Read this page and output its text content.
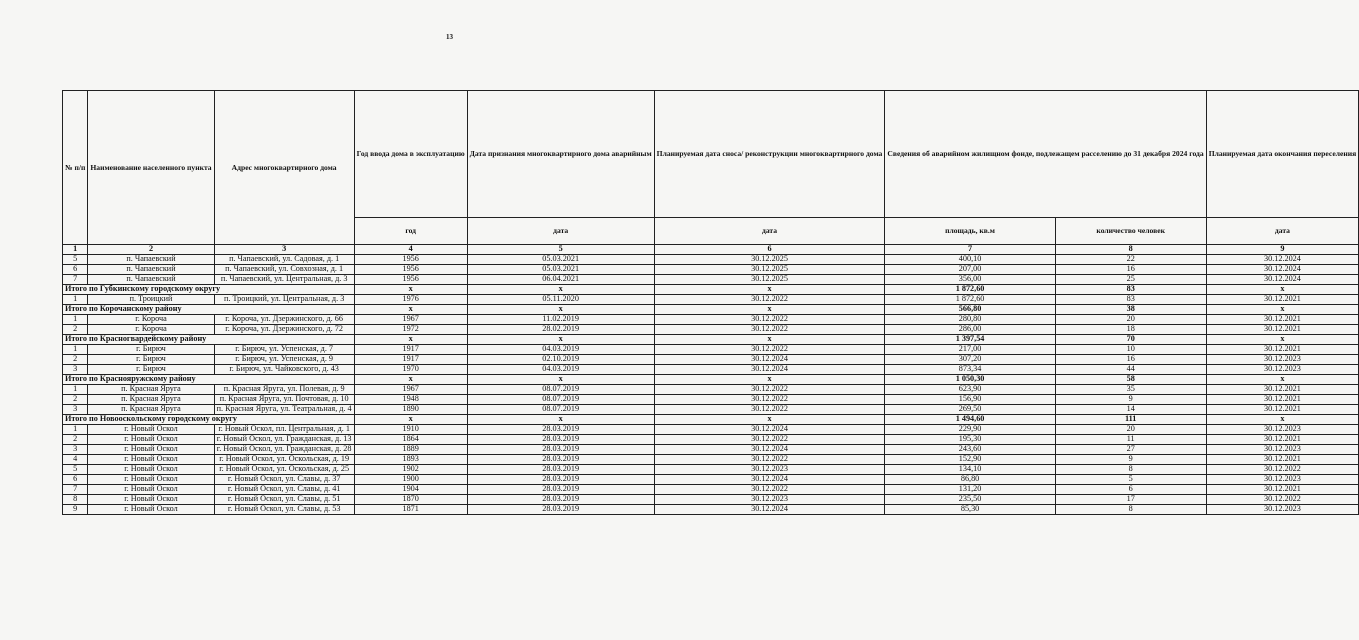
13
№ п/п	Наименование населенного пункта	Адрес многоквартирного дома	Год ввода дома в эксплуатацию	Дата признания многоквартирного дома аварийным	Планируемая дата сноса/ реконструкции многоквартирного дома	Сведения об аварийном жилищном фонде, подлежащем расселению до 31 декабря 2024 года		Планируемая дата окончания переселения
			год	дата	дата	площадь, кв.м	количество человек	дата
1	2	3	4	5	6	7	8	9
5	п. Чапаевский	п. Чапаевский, ул. Садовая, д. 1	1956	05.03.2021	30.12.2025	400,10	22	30.12.2024
6	п. Чапаевский	п. Чапаевский, ул. Совхозная, д. 1	1956	05.03.2021	30.12.2025	207,00	16	30.12.2024
7	п. Чапаевский	п. Чапаевский, ул. Центральная, д. 3	1956	06.04.2021	30.12.2025	356,00	25	30.12.2024
Итого по Губкинскому городскому округу			х	х	х	1 872,60	83	х
1	п. Троицкий	п. Троицкий, ул. Центральная, д. 3	1976	05.11.2020	30.12.2022	1 872,60	83	30.12.2021
Итого по Корочанскому району			х	х	х	566,80	38	х
1	г. Короча	г. Короча, ул. Дзержинского, д. 66	1967	11.02.2019	30.12.2022	280,80	20	30.12.2021
2	г. Короча	г. Короча, ул. Дзержинского, д. 72	1972	28.02.2019	30.12.2022	286,00	18	30.12.2021
Итого по Красногвардейскому району			х	х	х	1 397,54	70	х
1	г. Бирюч	г. Бирюч, ул. Успенская, д. 7	1917	04.03.2019	30.12.2022	217,00	10	30.12.2021
2	г. Бирюч	г. Бирюч, ул. Успенская, д. 9	1917	02.10.2019	30.12.2024	307,20	16	30.12.2023
3	г. Бирюч	г. Бирюч, ул. Чайковского, д. 43	1970	04.03.2019	30.12.2024	873,34	44	30.12.2023
Итого по Краснояружскому району			х	х	х	1 050,30	58	х
1	п. Красная Яруга	п. Красная Яруга, ул. Полевая, д. 9	1967	08.07.2019	30.12.2022	623,90	35	30.12.2021
2	п. Красная Яруга	п. Красная Яруга, ул. Почтовая, д. 10	1948	08.07.2019	30.12.2022	156,90	9	30.12.2021
3	п. Красная Яруга	п. Красная Яруга, ул. Театральная, д. 4	1890	08.07.2019	30.12.2022	269,50	14	30.12.2021
Итого по Новооскольскому городскому округу			х	х	х	1 494,60	111	х
1	г. Новый Оскол	г. Новый Оскол, пл. Центральная, д. 1	1910	28.03.2019	30.12.2024	229,90	20	30.12.2023
2	г. Новый Оскол	г. Новый Оскол, ул. Гражданская, д. 13	1864	28.03.2019	30.12.2022	195,30	11	30.12.2021
3	г. Новый Оскол	г. Новый Оскол, ул. Гражданская, д. 28	1889	28.03.2019	30.12.2024	243,60	27	30.12.2023
4	г. Новый Оскол	г. Новый Оскол, ул. Оскольская, д. 19	1893	28.03.2019	30.12.2022	152,90	9	30.12.2021
5	г. Новый Оскол	г. Новый Оскол, ул. Оскольская, д. 25	1902	28.03.2019	30.12.2023	134,10	8	30.12.2022
6	г. Новый Оскол	г. Новый Оскол, ул. Славы, д. 37	1900	28.03.2019	30.12.2024	86,80	5	30.12.2023
7	г. Новый Оскол	г. Новый Оскол, ул. Славы, д. 41	1904	28.03.2019	30.12.2022	131,20	6	30.12.2021
8	г. Новый Оскол	г. Новый Оскол, ул. Славы, д. 51	1870	28.03.2019	30.12.2023	235,50	17	30.12.2022
9	г. Новый Оскол	г. Новый Оскол, ул. Славы, д. 53	1871	28.03.2019	30.12.2024	85,30	8	30.12.2023
